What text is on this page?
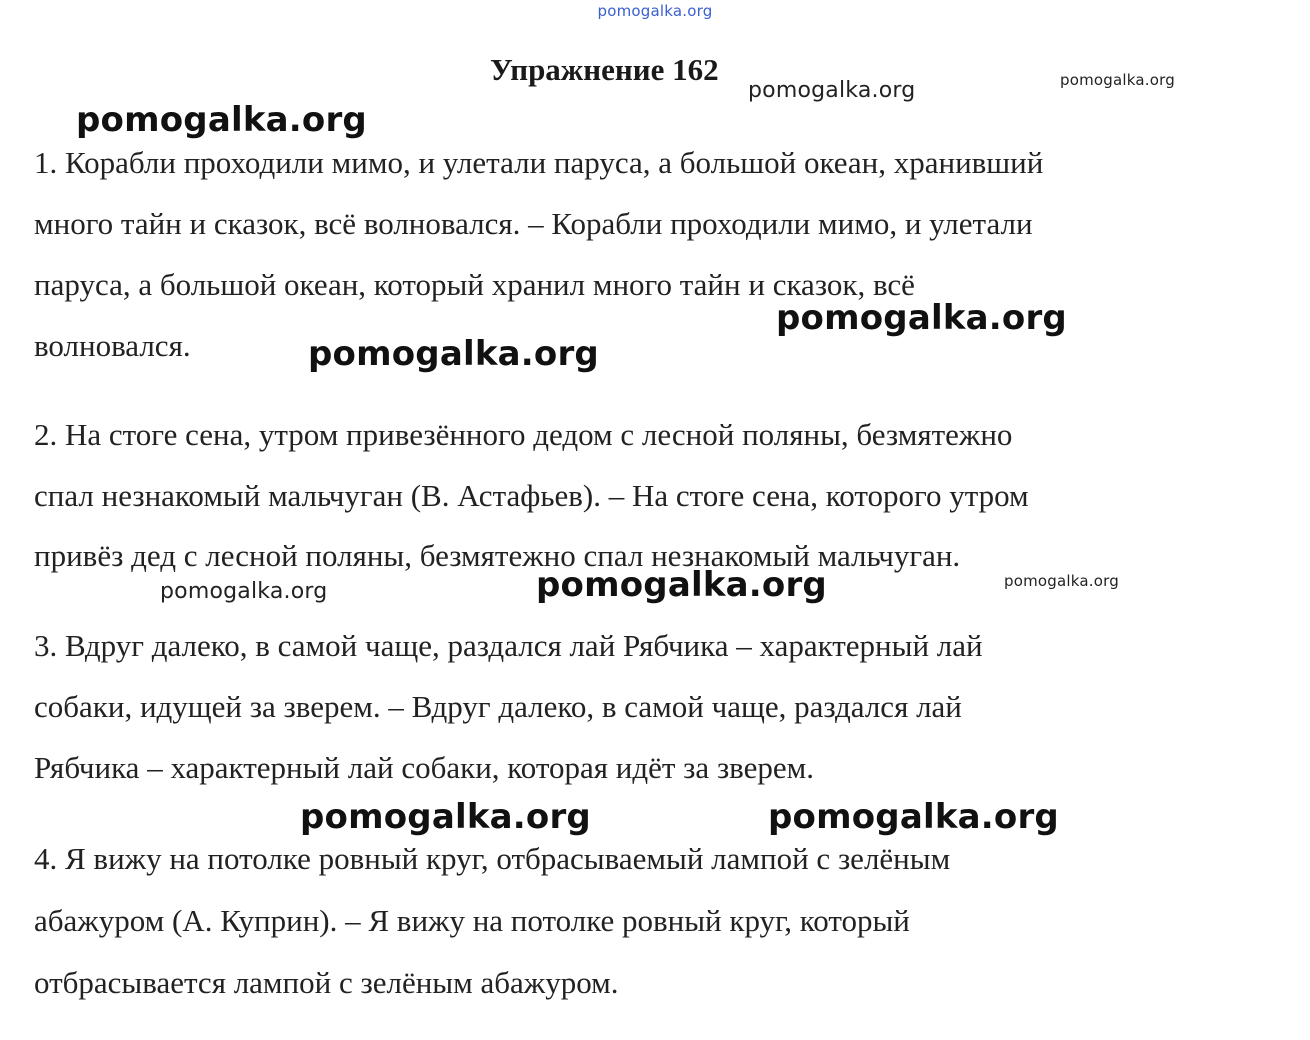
pomogalka.org
Упражнение 162
1. Корабли проходили мимо, и улетали паруса, а большой океан, хранивший
много тайн и сказок, всё волновался. – Корабли проходили мимо, и улетали
паруса, а большой океан, который хранил много тайн и сказок, всё
волновался.
2. На стоге сена, утром привезённого дедом с лесной поляны, безмятежно
спал незнакомый мальчуган (В. Астафьев). – На стоге сена, которого утром
привёз дед с лесной поляны, безмятежно спал незнакомый мальчуган.
3. Вдруг далеко, в самой чаще, раздался лай Рябчика – характерный лай
собаки, идущей за зверем. – Вдруг далеко, в самой чаще, раздался лай
Рябчика – характерный лай собаки, которая идёт за зверем.
4. Я вижу на потолке ровный круг, отбрасываемый лампой с зелёным
абажуром (А. Куприн). – Я вижу на потолке ровный круг, который
отбрасывается лампой с зелёным абажуром.
pomogalka.org	pomogalka.org
pomogalka.org
pomogalka.org
pomogalka.org
pomogalka.org	pomogalka.org	pomogalka.org
pomogalka.org	pomogalka.org
